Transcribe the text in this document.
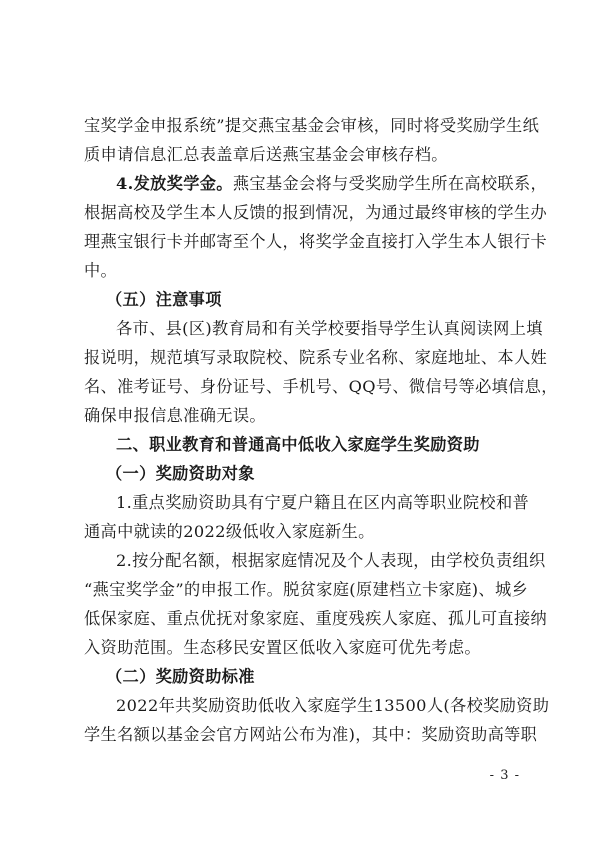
宝奖学金申报系统”提交燕宝基金会审核，同时将受奖励学生纸
质申请信息汇总表盖章后送燕宝基金会审核存档。
4.发放奖学金。燕宝基金会将与受奖励学生所在高校联系，
根据高校及学生本人反馈的报到情况，为通过最终审核的学生办
理燕宝银行卡并邮寄至个人，将奖学金直接打入学生本人银行卡
中。
（五）注意事项
各市、县(区)教育局和有关学校要指导学生认真阅读网上填
报说明，规范填写录取院校、院系专业名称、家庭地址、本人姓
名、准考证号、身份证号、手机号、QQ号、微信号等必填信息，
确保申报信息准确无误。
二、职业教育和普通高中低收入家庭学生奖励资助
（一）奖励资助对象
1.重点奖励资助具有宁夏户籍且在区内高等职业院校和普
通高中就读的2022级低收入家庭新生。
2.按分配名额，根据家庭情况及个人表现，由学校负责组织
“燕宝奖学金”的申报工作。脱贫家庭(原建档立卡家庭)、城乡
低保家庭、重点优抚对象家庭、重度残疾人家庭、孤儿可直接纳
入资助范围。生态移民安置区低收入家庭可优先考虑。
（二）奖励资助标准
2022年共奖励资助低收入家庭学生13500人(各校奖励资助
学生名额以基金会官方网站公布为准)，其中：奖励资助高等职
- 3 -
